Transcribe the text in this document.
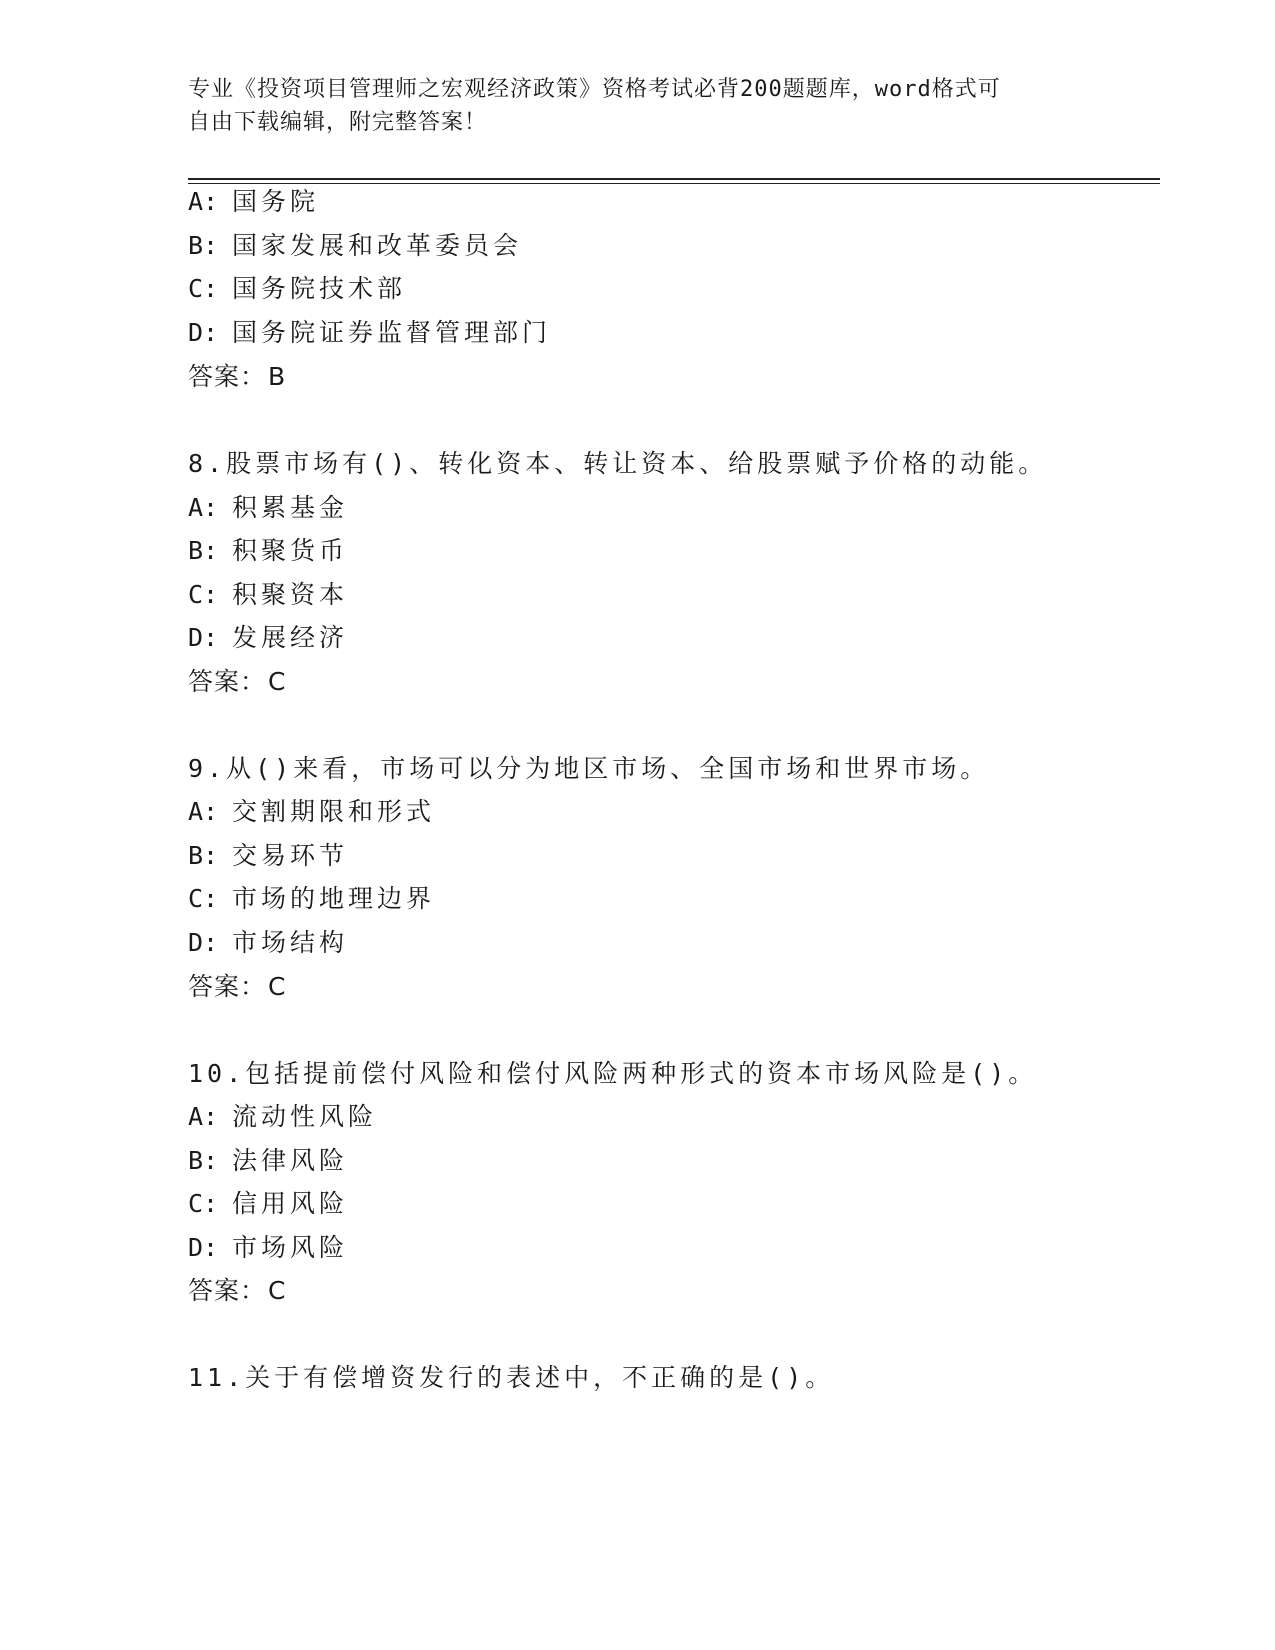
专业《投资项目管理师之宏观经济政策》资格考试必背200题题库，word格式可
自由下载编辑，附完整答案！
A: 国务院
B: 国家发展和改革委员会
C: 国务院技术部
D: 国务院证券监督管理部门
答案：B
8.股票市场有()、转化资本、转让资本、给股票赋予价格的动能。
A: 积累基金
B: 积聚货币
C: 积聚资本
D: 发展经济
答案：C
9.从()来看，市场可以分为地区市场、全国市场和世界市场。
A: 交割期限和形式
B: 交易环节
C: 市场的地理边界
D: 市场结构
答案：C
10.包括提前偿付风险和偿付风险两种形式的资本市场风险是()。
A: 流动性风险
B: 法律风险
C: 信用风险
D: 市场风险
答案：C
11.关于有偿增资发行的表述中，不正确的是()。
